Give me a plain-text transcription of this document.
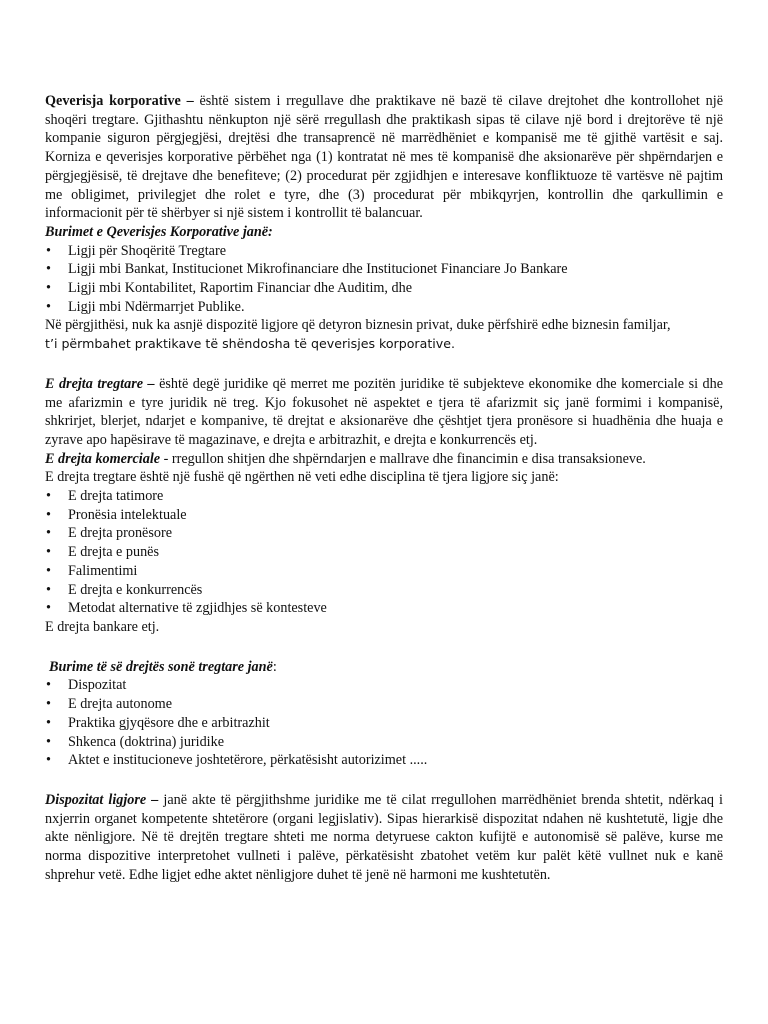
Qeverisja korporative – është sistem i rregullave dhe praktikave në bazë të cilave drejtohet dhe kontrollohet një shoqëri tregtare. Gjithashtu nënkupton një sërë rregullash dhe praktikash sipas të cilave një bord i drejtorëve të një kompanie siguron përgjegjësi, drejtësi dhe transaprencë në marrëdhëniet e kompanisë me të gjithë vartësit e saj. Korniza e qeverisjes korporative përbëhet nga (1) kontratat në mes të kompanisë dhe aksionarëve për shpërndarjen e përgjegjësisë, të drejtave dhe benefiteve; (2) procedurat për zgjidhjen e interesave konfliktuoze të vartësve në pajtim me obligimet, privilegjet dhe rolet e tyre, dhe (3) procedurat për mbikqyrjen, kontrollin dhe qarkullimin e informacionit për të shërbyer si një sistem i kontrollit të balancuar.

Burimet e Qeverisjes Korporative janë:

• Ligji për Shoqëritë Tregtare
• Ligji mbi Bankat, Institucionet Mikrofinanciare dhe Institucionet Financiare Jo Bankare
• Ligji mbi Kontabilitet, Raportim Financiar dhe Auditim, dhe
• Ligji mbi Ndërmarrjet Publike.

Në përgjithësi, nuk ka asnjë dispozitë ligjore që detyron biznesin privat, duke përfshirë edhe biznesin familjar,

t’i përmbahet praktikave të shëndosha të qeverisjes korporative.

E drejta tregtare – është degë juridike që merret me pozitën juridike të subjekteve ekonomike dhe komerciale si dhe me afarizmin e tyre juridik në treg. Kjo fokusohet në aspektet e tjera të afarizmit siç janë formimi i kompanisë, shkrirjet, blerjet, ndarjet e kompanive, të drejtat e aksionarëve dhe çështjet tjera pronësore si huadhënia dhe huaja e zyrave apo hapësirave të magazinave, e drejta e arbitrazhit, e drejta e konkurrencës etj.

E drejta komerciale - rregullon shitjen dhe shpërndarjen e mallrave dhe financimin e disa transaksioneve.

E drejta tregtare është një fushë që ngërthen në veti edhe disciplina të tjera ligjore siç janë:

• E drejta tatimore
• Pronësia intelektuale
• E drejta pronësore
• E drejta e punës
• Falimentimi
• E drejta e konkurrencës
• Metodat alternative të zgjidhjes së kontesteve

E drejta bankare etj.

Burime të së drejtës sonë tregtare janë:

• Dispozitat
• E drejta autonome
• Praktika gjyqësore dhe e arbitrazhit
• Shkenca (doktrina) juridike
• Aktet e institucioneve joshtetërore, përkatësisht autorizimet .....

Dispozitat ligjore – janë akte të përgjithshme juridike me të cilat rregullohen marrëdhëniet brenda shtetit, ndërkaq i nxjerrin organet kompetente shtetërore (organi legjislativ). Sipas hierarkisë dispozitat ndahen në kushtetutë, ligje dhe akte nënligjore. Në të drejtën tregtare shteti me norma detyruese cakton kufijtë e autonomisë së palëve, kurse me norma dispozitive interpretohet vullneti i palëve, përkatësisht zbatohet vetëm kur palët këtë vullnet nuk e kanë shprehur vetë. Edhe ligjet edhe aktet nënligjore duhet të jenë në harmoni me kushtetutën.
